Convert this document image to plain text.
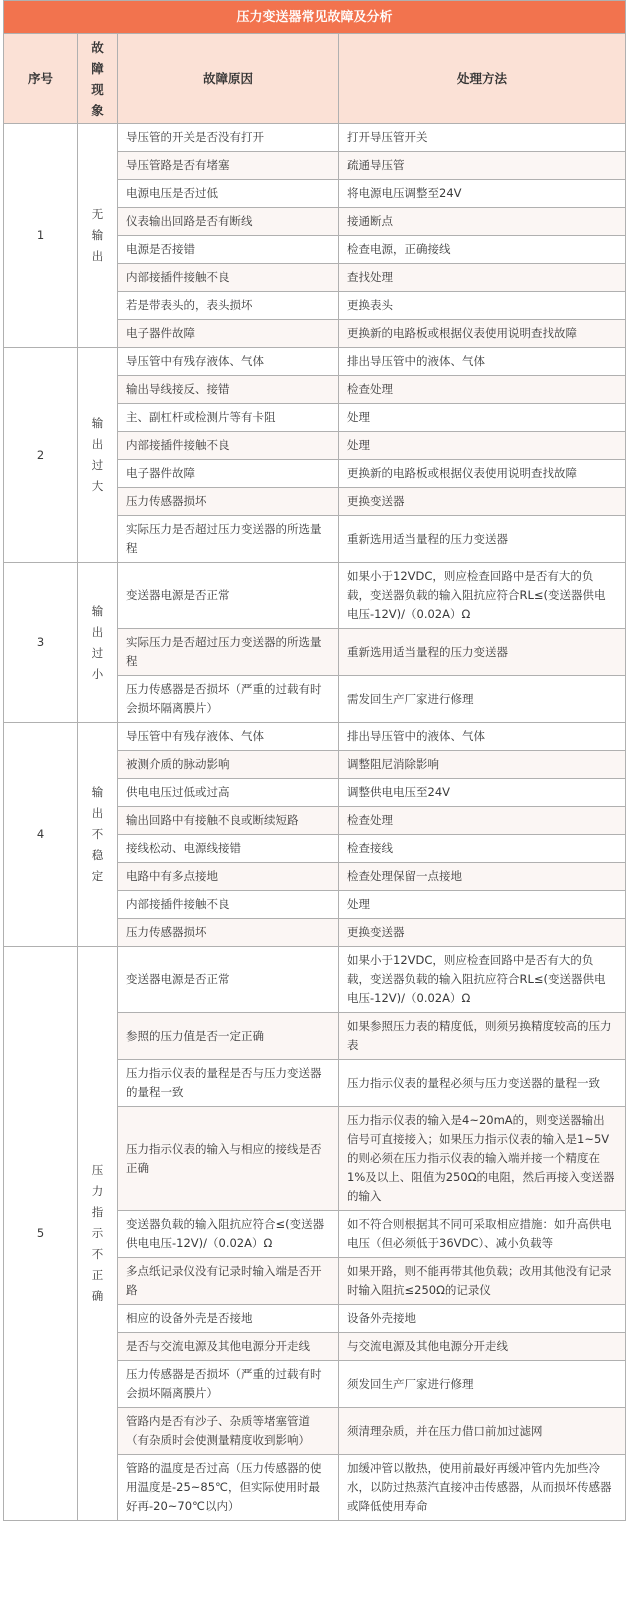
压力变送器常见故障及分析			
序号	故障现象	故障原因	处理方法
1	无输出	导压管的开关是否没有打开	打开导压管开关
		导压管路是否有堵塞	疏通导压管
		电源电压是否过低	将电源电压调整至24V
		仪表输出回路是否有断线	接通断点
		电源是否接错	检查电源，正确接线
		内部接插件接触不良	查找处理
		若是带表头的，表头损坏	更换表头
		电子器件故障	更换新的电路板或根据仪表使用说明查找故障
2	输出过大	导压管中有残存液体、气体	排出导压管中的液体、气体
		输出导线接反、接错	检查处理
		主、副杠杆或检测片等有卡阻	处理
		内部接插件接触不良	处理
		电子器件故障	更换新的电路板或根据仪表使用说明查找故障
		压力传感器损坏	更换变送器
		实际压力是否超过压力变送器的所选量程	重新选用适当量程的压力变送器
3	输出过小	变送器电源是否正常	如果小于12VDC，则应检查回路中是否有大的负载，变送器负载的输入阻抗应符合RL≤(变送器供电电压-12V)/（0.02A）Ω
		实际压力是否超过压力变送器的所选量程	重新选用适当量程的压力变送器
		压力传感器是否损坏（严重的过载有时会损坏隔离膜片）	需发回生产厂家进行修理
4	输出不稳定	导压管中有残存液体、气体	排出导压管中的液体、气体
		被测介质的脉动影响	调整阻尼消除影响
		供电电压过低或过高	调整供电电压至24V
		输出回路中有接触不良或断续短路	检查处理
		接线松动、电源线接错	检查接线
		电路中有多点接地	检查处理保留一点接地
		内部接插件接触不良	处理
		压力传感器损坏	更换变送器
5	压力指示不正确	变送器电源是否正常	如果小于12VDC，则应检查回路中是否有大的负载，变送器负载的输入阻抗应符合RL≤(变送器供电电压-12V)/（0.02A）Ω
		参照的压力值是否一定正确	如果参照压力表的精度低，则须另换精度较高的压力表
		压力指示仪表的量程是否与压力变送器的量程一致	压力指示仪表的量程必须与压力变送器的量程一致
		压力指示仪表的输入与相应的接线是否正确	压力指示仪表的输入是4~20mA的，则变送器输出信号可直接接入；如果压力指示仪表的输入是1~5V的则必须在压力指示仪表的输入端并接一个精度在1%及以上、阻值为250Ω的电阻，然后再接入变送器的输入
		变送器负载的输入阻抗应符合≤(变送器供电电压-12V)/（0.02A）Ω	如不符合则根据其不同可采取相应措施：如升高供电电压（但必须低于36VDC）、减小负载等
		多点纸记录仪没有记录时输入端是否开路	如果开路，则不能再带其他负载；改用其他没有记录时输入阻抗≤250Ω的记录仪
		相应的设备外壳是否接地	设备外壳接地
		是否与交流电源及其他电源分开走线	与交流电源及其他电源分开走线
		压力传感器是否损坏（严重的过载有时会损坏隔离膜片）	须发回生产厂家进行修理
		管路内是否有沙子、杂质等堵塞管道（有杂质时会使测量精度收到影响）	须清理杂质，并在压力借口前加过滤网
		管路的温度是否过高（压力传感器的使用温度是-25~85℃，但实际使用时最好再-20~70℃以内）	加缓冲管以散热，使用前最好再缓冲管内先加些冷水，以防过热蒸汽直接冲击传感器，从而损坏传感器或降低使用寿命
